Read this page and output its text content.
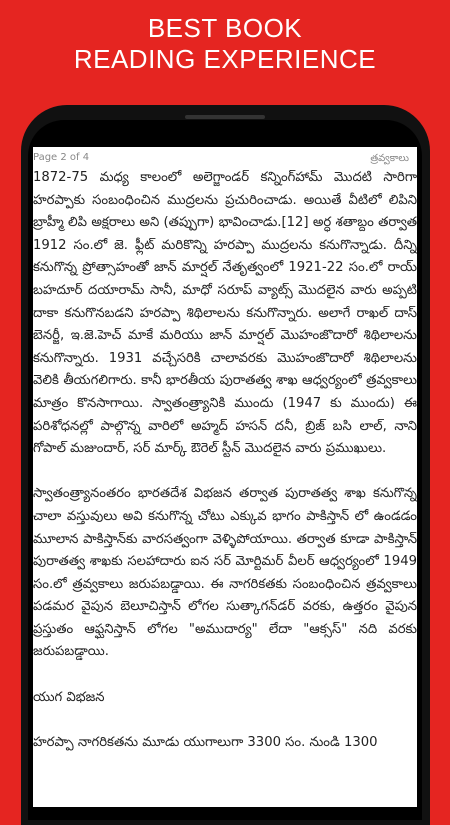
BEST BOOK
READING EXPERIENCE
Page 2 of 4	త్రవ్వకాలు

1872-75 మధ్య కాలంలో అలెగ్జాండర్ కన్నింగ్‌హామ్ మొదటి సారిగా హరప్పాకు సంబంధించిన ముద్రలను ప్రచురించాడు. అయితే వీటిలో లిపిని బ్రాహ్మీ లిపి అక్షరాలు అని (తప్పుగా) భావించాడు.[12] అర్ధ శతాబ్దం తర్వాత 1912 సం.లో జె. ఫ్లీట్ మరికొన్ని హరప్పా ముద్రలను కనుగొన్నాడు. దీన్ని కనుగొన్న ప్రోత్సాహంతో జాన్ మార్షల్ నేతృత్వంలో 1921-22 సం.లో రాయ్ బహదూర్ దయారామ్ సానీ, మాధో సరూప్ వ్యాట్స్ మొదలైన వారు అప్పటి దాకా కనుగొనబడని హరప్పా శిథిలాలను కనుగొన్నారు. అలాగే రాఖల్ దాస్ బెనర్జీ, ఇ.జె.హెచ్ మాకే మరియు జాన్ మార్షల్ మొహంజొదారో శిథిలాలను కనుగొన్నారు. 1931 వచ్చేసరికి చాలావరకు మొహంజొదారో శిథిలాలను వెలికి తీయగలిగారు. కానీ భారతీయ పురాతత్వ శాఖ ఆధ్వర్యంలో త్రవ్వకాలు మాత్రం కొనసాగాయి. స్వాతంత్ర్యానికి ముందు (1947 కు ముందు) ఈ పరిశోధనల్లో పాల్గొన్న వారిలో అహ్మద్ హసన్ దనీ, బ్రిజ్ బసి లాల్, నాని గోపాల్ మజుందార్, సర్ మార్క్ ఔరెల్ స్టీన్ మొదలైన వారు ప్రముఖులు.

స్వాతంత్ర్యానంతరం భారతదేశ విభజన తర్వాత పురాతత్వ శాఖ కనుగొన్న చాలా వస్తువులు అవి కనుగొన్న చోటు ఎక్కువ భాగం పాకిస్తాన్ లో ఉండడం మూలాన పాకిస్తాన్‌కు వారసత్వంగా వెళ్ళిపోయాయి. తర్వాత కూడా పాకిస్తాన్ పురాతత్వ శాఖకు సలహాదారు ఐన సర్ మోర్టిమర్ వీలర్ ఆధ్వర్యంలో 1949 సం.లో త్రవ్వకాలు జరుపబడ్డాయి. ఈ నాగరికతకు సంబంధించిన త్రవ్వకాలు పడమర వైపున బెలూచిస్తాన్ లోగల సుత్కాగన్‌డర్ వరకు, ఉత్తరం వైపున ప్రస్తుతం ఆఫ్ఘనిస్తాన్ లోగల "అముదార్య" లేదా "ఆక్సస్" నది వరకు జరుపబడ్డాయి.

యుగ విభజన

హరప్పా నాగరికతను మూడు యుగాలుగా 3300 సం. నుండి 1300
